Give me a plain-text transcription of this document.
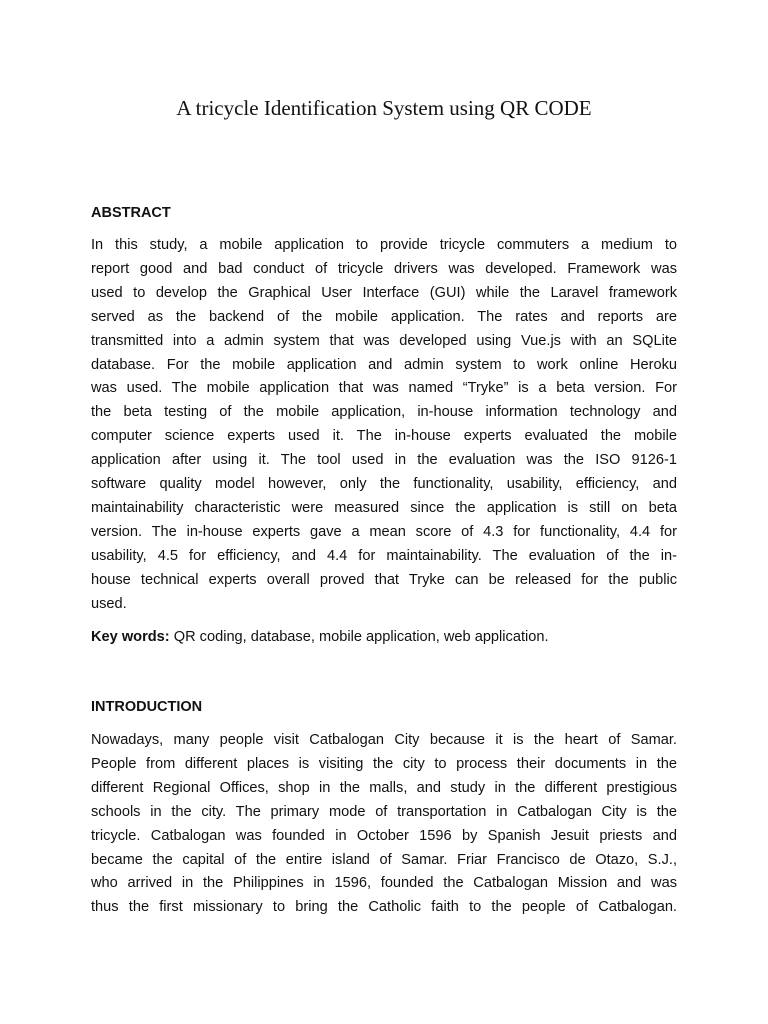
A tricycle Identification System using QR CODE
ABSTRACT
In this study, a mobile application to provide tricycle commuters a medium to
report good and bad conduct of tricycle drivers was developed. Framework was
used to develop the Graphical User Interface (GUI) while the Laravel framework
served as the backend of the mobile application. The rates and reports are
transmitted into a admin system that was developed using Vue.js with an SQLite
database. For the mobile application and admin system to work online Heroku
was used. The mobile application that was named “Tryke” is a beta version. For
the beta testing of the mobile application, in-house information technology and
computer science experts used it. The in-house experts evaluated the mobile
application after using it. The tool used in the evaluation was the ISO 9126-1
software quality model however, only the functionality, usability, efficiency, and
maintainability characteristic were measured since the application is still on beta
version. The in-house experts gave a mean score of 4.3 for functionality, 4.4 for
usability, 4.5 for efficiency, and 4.4 for maintainability. The evaluation of the in-
house technical experts overall proved that Tryke can be released for the public
used.

Key words: QR coding, database, mobile application, web application.

INTRODUCTION
Nowadays, many people visit Catbalogan City because it is the heart of Samar.
People from different places is visiting the city to process their documents in the
different Regional Offices, shop in the malls, and study in the different prestigious
schools in the city. The primary mode of transportation in Catbalogan City is the
tricycle. Catbalogan was founded in October 1596 by Spanish Jesuit priests and
became the capital of the entire island of Samar. Friar Francisco de Otazo, S.J.,
who arrived in the Philippines in 1596, founded the Catbalogan Mission and was
thus the first missionary to bring the Catholic faith to the people of Catbalogan.
